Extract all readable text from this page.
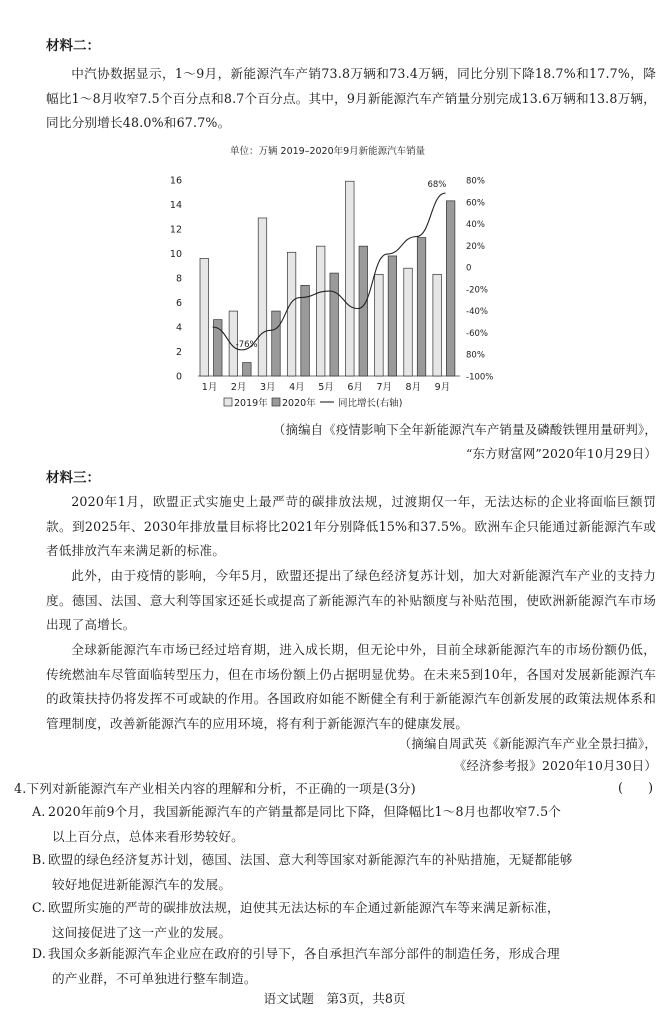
材料二：
中汽协数据显示，1～9月，新能源汽车产销73.8万辆和73.4万辆，同比分别下降18.7%和17.7%，降幅比1～8月收窄7.5个百分点和8.7个百分点。其中，9月新能源汽车产销量分别完成13.6万辆和13.8万辆，同比分别增长48.0%和67.7%。
单位：万辆 2019–2020年9月新能源汽车销量
0
2
4
6
8
10
12
14
16	80%
60%
40%
20%
0
-20%
-40%
-60%
80%
-100%
-76%
68%
1月 2月 3月 4月 5月 6月 7月 8月 9月
2019年 2020年 同比增长(右轴)
（摘编自《疫情影响下全年新能源汽车产销量及磷酸铁锂用量研判》，
“东方财富网”2020年10月29日）
材料三：
2020年1月，欧盟正式实施史上最严苛的碳排放法规，过渡期仅一年，无法达标的企业将面临巨额罚款。到2025年、2030年排放量目标将比2021年分别降低15%和37.5%。欧洲车企只能通过新能源汽车或者低排放汽车来满足新的标准。
此外，由于疫情的影响，今年5月，欧盟还提出了绿色经济复苏计划，加大对新能源汽车产业的支持力度。德国、法国、意大利等国家还延长或提高了新能源汽车的补贴额度与补贴范围，使欧洲新能源汽车市场出现了高增长。
全球新能源汽车市场已经过培育期，进入成长期，但无论中外，目前全球新能源汽车的市场份额仍低，传统燃油车尽管面临转型压力，但在市场份额上仍占据明显优势。在未来5到10年，各国对发展新能源汽车的政策扶持仍将发挥不可或缺的作用。各国政府如能不断健全有利于新能源汽车创新发展的政策法规体系和管理制度，改善新能源汽车的应用环境，将有利于新能源汽车的健康发展。
（摘编自周武英《新能源汽车产业全景扫描》，
《经济参考报》2020年10月30日）
4.下列对新能源汽车产业相关内容的理解和分析，不正确的一项是(3分)	(　　)
A. 2020年前9个月，我国新能源汽车的产销量都是同比下降，但降幅比1～8月也都收窄7.5个
以上百分点，总体来看形势较好。
B. 欧盟的绿色经济复苏计划，德国、法国、意大利等国家对新能源汽车的补贴措施，无疑都能够
较好地促进新能源汽车的发展。
C. 欧盟所实施的严苛的碳排放法规，迫使其无法达标的车企通过新能源汽车等来满足新标准，
这间接促进了这一产业的发展。
D. 我国众多新能源汽车企业应在政府的引导下，各自承担汽车部分部件的制造任务，形成合理
的产业群，不可单独进行整车制造。
语文试题　第3页，共8页
